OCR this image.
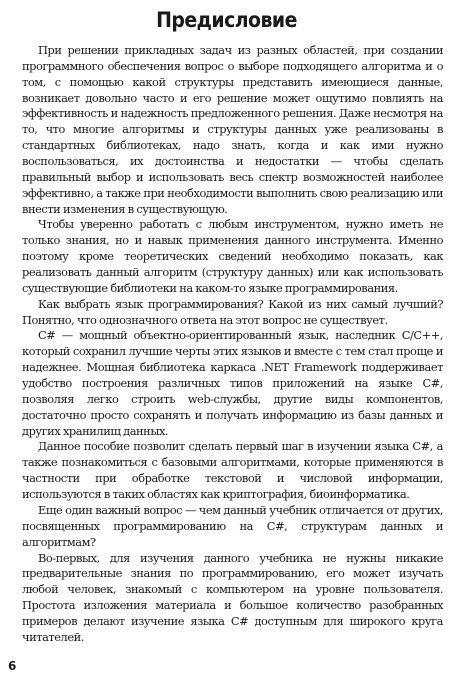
Предисловие

При решении прикладных задач из разных областей, при создании программного обеспечения вопрос о выборе подходящего алгоритма и о том, с помощью какой структуры представить имеющиеся данные, возникает довольно часто и его решение может ощутимо повлиять на эффективность и надежность предложенного решения. Даже несмотря на то, что многие алгоритмы и структуры данных уже реализованы в стандартных библиотеках, надо знать, когда и как ими нужно воспользоваться, их достоинства и недостатки — чтобы сделать правильный выбор и использовать весь спектр возможностей наиболее эффективно, а также при необходимости выполнить свою реализацию или внести изменения в существующую.

Чтобы уверенно работать с любым инструментом, нужно иметь не только знания, но и навык применения данного инструмента. Именно поэтому кроме теоретических сведений необходимо показать, как реализовать данный алгоритм (структуру данных) или как использовать существующие библиотеки на каком-то языке программирования.

Как выбрать язык программирования? Какой из них самый лучший? Понятно, что однозначного ответа на этот вопрос не существует.

C# — мощный объектно-ориентированный язык, наследник C/C++, который сохранил лучшие черты этих языков и вместе с тем стал проще и надежнее. Мощная библиотека каркаса .NET Framework поддерживает удобство построения различных типов приложений на языке C#, позволяя легко строить web-службы, другие виды компонентов, достаточно просто сохранять и получать информацию из базы данных и других хранилищ данных.

Данное пособие позволит сделать первый шаг в изучении языка C#, а также познакомиться с базовыми алгоритмами, которые применяются в частности при обработке текстовой и числовой информации, используются в таких областях как криптография, биоинформатика.

Еще один важный вопрос — чем данный учебник отличается от других, посвященных программированию на C#, структурам данных и алгоритмам?

Во-первых, для изучения данного учебника не нужны никакие предварительные знания по программированию, его может изучать любой человек, знакомый с компьютером на уровне пользователя. Простота изложения материала и большое количество разобранных примеров делают изучение языка C# доступным для широкого круга читателей.

6
